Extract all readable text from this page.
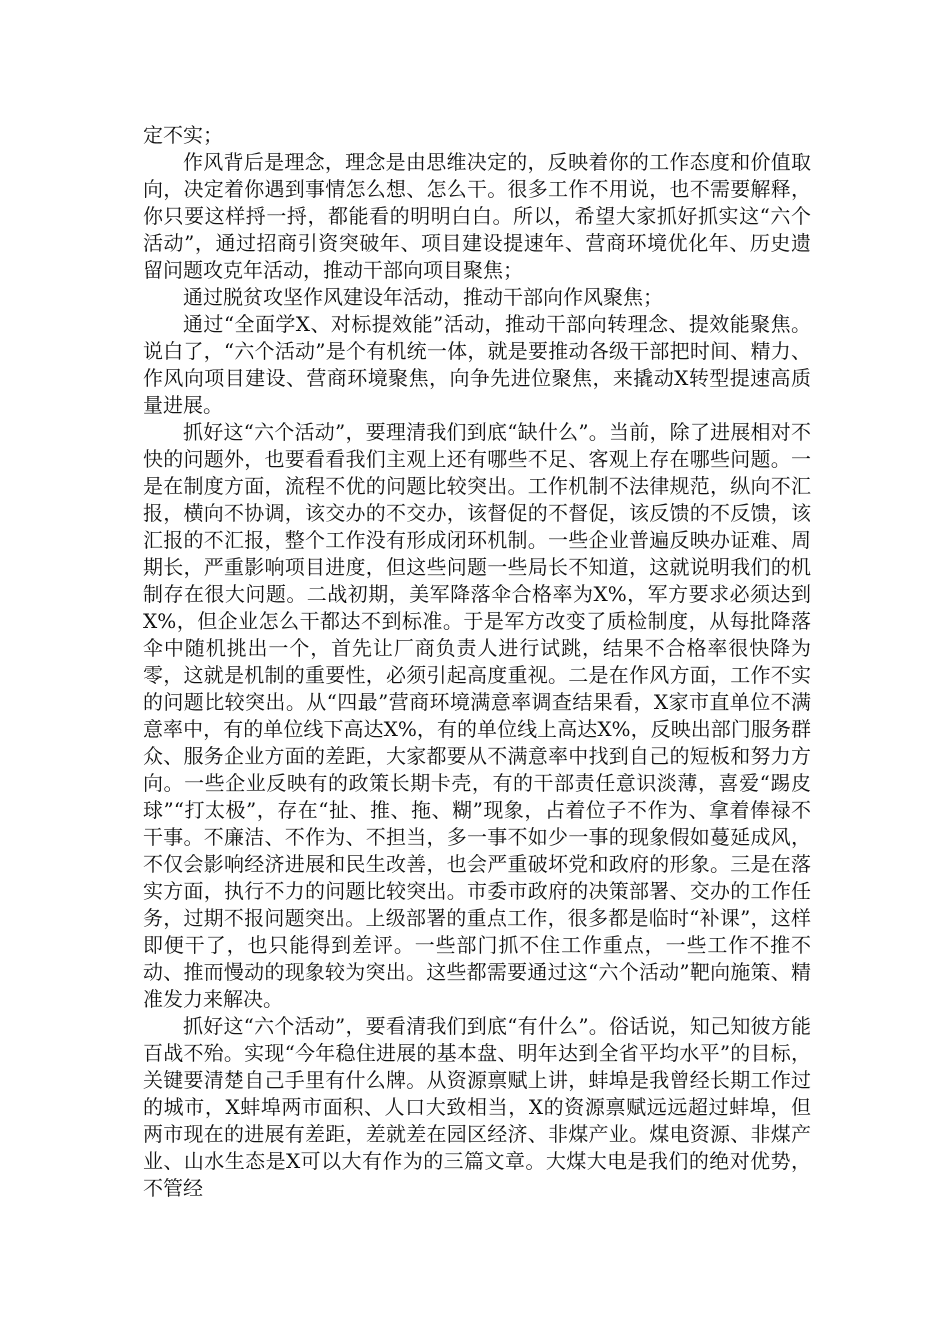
定不实；

作风背后是理念，理念是由思维决定的，反映着你的工作态度和价值取向，决定着你遇到事情怎么想、怎么干。很多工作不用说，也不需要解释，你只要这样捋一捋，都能看的明明白白。所以，希望大家抓好抓实这“六个活动”，通过招商引资突破年、项目建设提速年、营商环境优化年、历史遗留问题攻克年活动，推动干部向项目聚焦；

通过脱贫攻坚作风建设年活动，推动干部向作风聚焦；

通过“全面学X、对标提效能”活动，推动干部向转理念、提效能聚焦。说白了，“六个活动”是个有机统一体，就是要推动各级干部把时间、精力、作风向项目建设、营商环境聚焦，向争先进位聚焦，来撬动X转型提速高质量进展。

抓好这“六个活动”，要理清我们到底“缺什么”。当前，除了进展相对不快的问题外，也要看看我们主观上还有哪些不足、客观上存在哪些问题。一是在制度方面，流程不优的问题比较突出。工作机制不法律规范，纵向不汇报，横向不协调，该交办的不交办，该督促的不督促，该反馈的不反馈，该汇报的不汇报，整个工作没有形成闭环机制。一些企业普遍反映办证难、周期长，严重影响项目进度，但这些问题一些局长不知道，这就说明我们的机制存在很大问题。二战初期，美军降落伞合格率为X%，军方要求必须达到X%，但企业怎么干都达不到标准。于是军方改变了质检制度，从每批降落伞中随机挑出一个，首先让厂商负责人进行试跳，结果不合格率很快降为零，这就是机制的重要性，必须引起高度重视。二是在作风方面，工作不实的问题比较突出。从“四最”营商环境满意率调查结果看，X家市直单位不满意率中，有的单位线下高达X%，有的单位线上高达X%，反映出部门服务群众、服务企业方面的差距，大家都要从不满意率中找到自己的短板和努力方向。一些企业反映有的政策长期卡壳，有的干部责任意识淡薄，喜爱“踢皮球”“打太极”，存在“扯、推、拖、糊”现象，占着位子不作为、拿着俸禄不干事。不廉洁、不作为、不担当，多一事不如少一事的现象假如蔓延成风，不仅会影响经济进展和民生改善，也会严重破坏党和政府的形象。三是在落实方面，执行不力的问题比较突出。市委市政府的决策部署、交办的工作任务，过期不报问题突出。上级部署的重点工作，很多都是临时“补课”，这样即便干了，也只能得到差评。一些部门抓不住工作重点，一些工作不推不动、推而慢动的现象较为突出。这些都需要通过这“六个活动”靶向施策、精准发力来解决。

抓好这“六个活动”，要看清我们到底“有什么”。俗话说，知己知彼方能百战不殆。实现“今年稳住进展的基本盘、明年达到全省平均水平”的目标，关键要清楚自己手里有什么牌。从资源禀赋上讲，蚌埠是我曾经长期工作过的城市，X蚌埠两市面积、人口大致相当，X的资源禀赋远远超过蚌埠，但两市现在的进展有差距，差就差在园区经济、非煤产业。煤电资源、非煤产业、山水生态是X可以大有作为的三篇文章。大煤大电是我们的绝对优势，不管经
